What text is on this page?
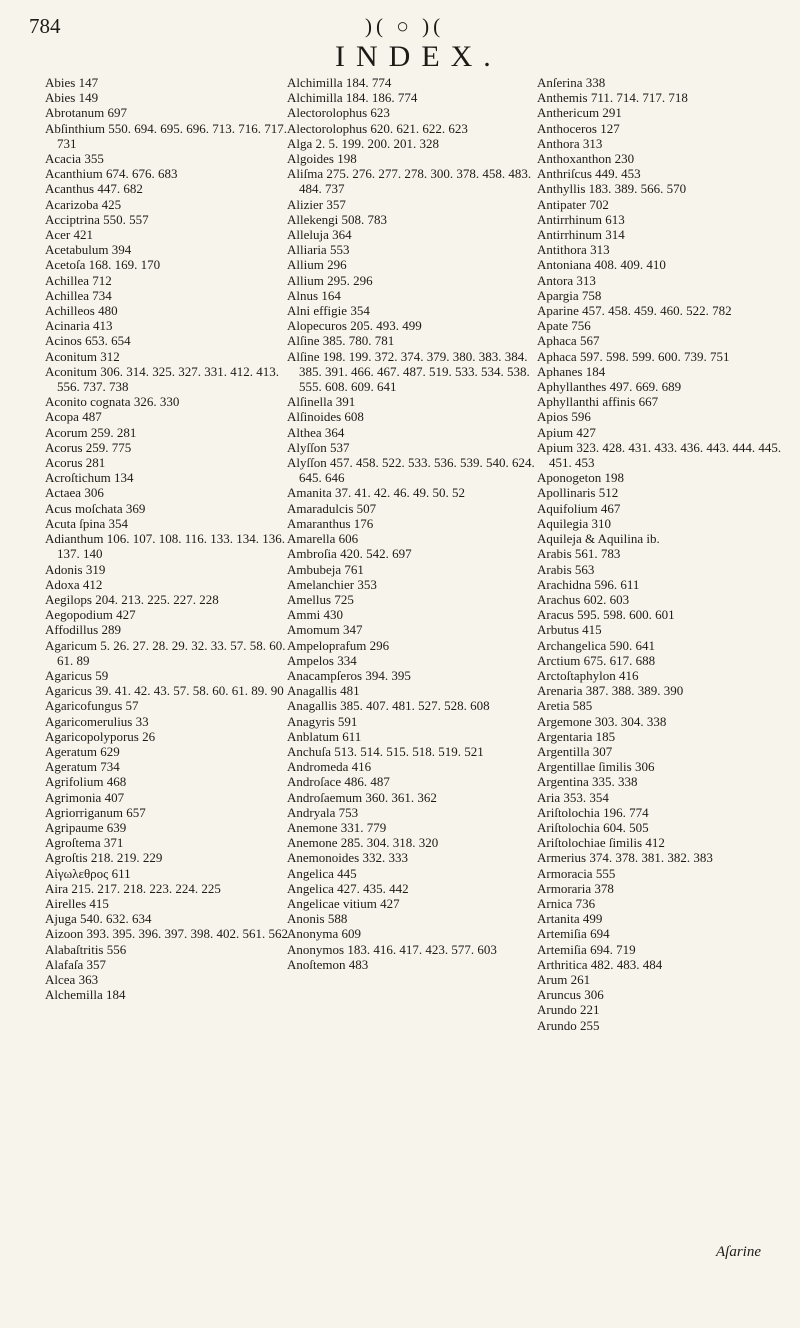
784	)( ○ )(
INDEX.

Abies 147

Abies 149

Abrotanum 697

Abſinthium 550. 694. 695. 696. 713. 716. 717. 731

Acacia 355

Acanthium 674. 676. 683

Acanthus 447. 682

Acarizoba 425

Acciptrina 550. 557

Acer 421

Acetabulum 394

Acetoſa 168. 169. 170

Achillea 712

Achillea 734

Achilleos 480

Acinaria 413

Acinos 653. 654

Aconitum 312

Aconitum 306. 314. 325. 327. 331. 412. 413. 556. 737. 738

Aconito cognata 326. 330

Acopa 487

Acorum 259. 281

Acorus 259. 775

Acorus 281

Acroſtichum 134

Actaea 306

Acus moſchata 369

Acuta ſpina 354

Adianthum 106. 107. 108. 116. 133. 134. 136. 137. 140

Adonis 319

Adoxa 412

Aegilops 204. 213. 225. 227. 228

Aegopodium 427

Affodillus 289

Agaricum 5. 26. 27. 28. 29. 32. 33. 57. 58. 60. 61. 89

Agaricus 59

Agaricus 39. 41. 42. 43. 57. 58. 60. 61. 89. 90

Agaricofungus 57

Agaricomerulius 33

Agaricopolyporus 26

Ageratum 629

Ageratum 734

Agrifolium 468

Agrimonia 407

Agriorriganum 657

Agripaume 639

Agroſtema 371

Agroſtis 218. 219. 229

Αἰγωλεθρος 611

Aira 215. 217. 218. 223. 224. 225

Airelles 415

Ajuga 540. 632. 634

Aizoon 393. 395. 396. 397. 398. 402. 561. 562

Alabaſtritis 556

Alafaſa 357

Alcea 363

Alchemilla 184

Alchimilla 184. 774

Alchimilla 184. 186. 774

Alectorolophus 623

Alectorolophus 620. 621. 622. 623

Alga 2. 5. 199. 200. 201. 328

Algoides 198

Aliſma 275. 276. 277. 278. 300. 378. 458. 483. 484. 737

Alizier 357

Allekengi 508. 783

Alleluja 364

Alliaria 553

Allium 296

Allium 295. 296

Alnus 164

Alni effigie 354

Alopecuros 205. 493. 499

Alſine 385. 780. 781

Alſine 198. 199. 372. 374. 379. 380. 383. 384. 385. 391. 466. 467. 487. 519. 533. 534. 538. 555. 608. 609. 641

Alſinella 391

Alſinoides 608

Althea 364

Alyſſon 537

Alyſſon 457. 458. 522. 533. 536. 539. 540. 624. 645. 646

Amanita 37. 41. 42. 46. 49. 50. 52

Amaradulcis 507

Amaranthus 176

Amarella 606

Ambroſia 420. 542. 697

Ambubeja 761

Amelanchier 353

Amellus 725

Ammi 430

Amomum 347

Ampeloprafum 296

Ampelos 334

Anacampſeros 394. 395

Anagallis 481

Anagallis 385. 407. 481. 527. 528. 608

Anagyris 591

Anblatum 611

Anchuſa 513. 514. 515. 518. 519. 521

Andromeda 416

Androſace 486. 487

Androſaemum 360. 361. 362

Andryala 753

Anemone 331. 779

Anemone 285. 304. 318. 320

Anemonoides 332. 333

Angelica 445

Angelica 427. 435. 442

Angelicae vitium 427

Anonis 588

Anonyma 609

Anonymos 183. 416. 417. 423. 577. 603

Anoſtemon 483

Anſerina 338

Anthemis 711. 714. 717. 718

Anthericum 291

Anthoceros 127

Anthora 313

Anthoxanthon 230

Anthriſcus 449. 453

Anthyllis 183. 389. 566. 570

Antipater 702

Antirrhinum 613

Antirrhinum 314

Antithora 313

Antoniana 408. 409. 410

Antora 313

Apargia 758

Aparine 457. 458. 459. 460. 522. 782

Apate 756

Aphaca 567

Aphaca 597. 598. 599. 600. 739. 751

Aphanes 184

Aphyllanthes 497. 669. 689

Aphyllanthi affinis 667

Apios 596

Apium 427

Apium 323. 428. 431. 433. 436. 443. 444. 445. 451. 453

Aponogeton 198

Apollinaris 512

Aquifolium 467

Aquilegia 310

Aquileja & Aquilina ib.

Arabis 561. 783

Arabis 563

Arachidna 596. 611

Arachus 602. 603

Aracus 595. 598. 600. 601

Arbutus 415

Archangelica 590. 641

Arctium 675. 617. 688

Arctoſtaphylon 416

Arenaria 387. 388. 389. 390

Aretia 585

Argemone 303. 304. 338

Argentaria 185

Argentilla 307

Argentillae ſimilis 306

Argentina 335. 338

Aria 353. 354

Ariſtolochia 196. 774

Ariſtolochia 604. 505

Ariſtolochiae ſimilis 412

Armerius 374. 378. 381. 382. 383

Armoracia 555

Armoraria 378

Arnica 736

Artanita 499

Artemiſia 694

Artemiſia 694. 719

Arthritica 482. 483. 484

Arum 261

Aruncus 306

Arundo 221

Arundo 255

Aſarine
